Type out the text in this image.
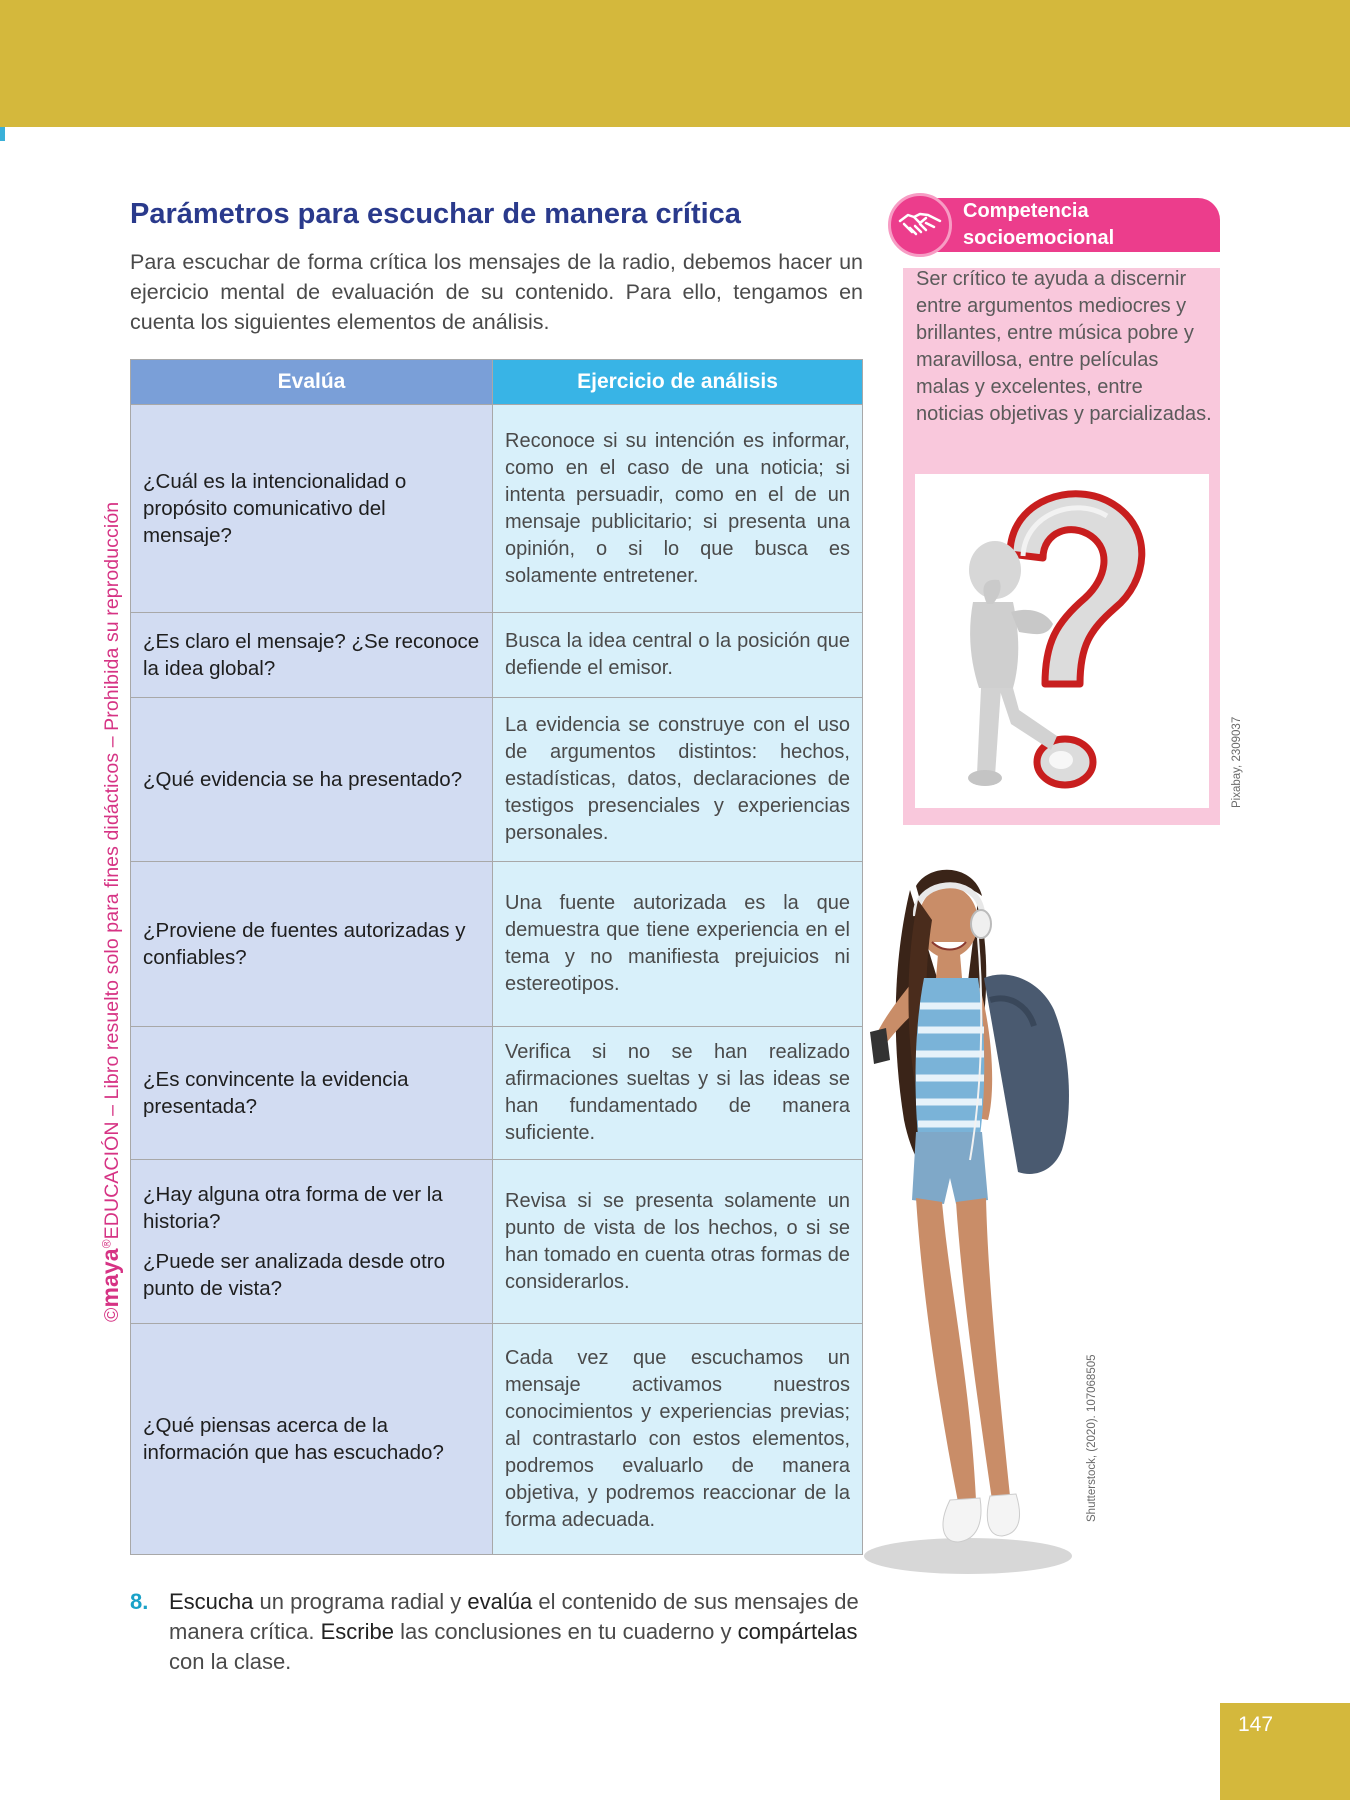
©maya®EDUCACIÓN – Libro resuelto solo para fines didácticos – Prohibida su reproducción
Parámetros para escuchar de manera crítica

Para escuchar de forma crítica los mensajes de la radio, debemos hacer un ejercicio mental de evaluación de su contenido. Para ello, tengamos en cuenta los siguientes elementos de análisis.

Evalúa	Ejercicio de análisis

¿Cuál es la intencionalidad o propósito comunicativo del mensaje?	Reconoce si su intención es informar, como en el caso de una noticia; si intenta persuadir, como en el de un mensaje publicitario; si presenta una opinión, o si lo que busca es solamente entretener.

¿Es claro el mensaje? ¿Se reconoce la idea global?	Busca la idea central o la posición que defiende el emisor.

¿Qué evidencia se ha presentado?	La evidencia se construye con el uso de argumentos distintos: hechos, estadísticas, datos, declaraciones de testigos presenciales y experiencias personales.

¿Proviene de fuentes autorizadas y confiables?	Una fuente autorizada es la que demuestra que tiene experiencia en el tema y no manifiesta prejuicios ni estereotipos.

¿Es convincente la evidencia presentada?	Verifica si no se han realizado afirmaciones sueltas y si las ideas se han fundamentado de manera suficiente.

¿Hay alguna otra forma de ver la historia?
¿Puede ser analizada desde otro punto de vista?	Revisa si se presenta solamente un punto de vista de los hechos, o si se han tomado en cuenta otras formas de considerarlos.

¿Qué piensas acerca de la información que has escuchado?	Cada vez que escuchamos un mensaje activamos nuestros conocimientos y experiencias previas; al contrastarlo con estos elementos, podremos evaluarlo de manera objetiva, y podremos reaccionar de la forma adecuada.
Competencia socioemocional

Ser crítico te ayuda a discernir entre argumentos mediocres y brillantes, entre música pobre y maravillosa, entre películas malas y excelentes, entre noticias objetivas y parcializadas.

Pixabay, 2309037
Shutterstock, (2020). 107068505
8. Escucha un programa radial y evalúa el contenido de sus mensajes de manera crítica. Escribe las conclusiones en tu cuaderno y compártelas con la clase.
147
